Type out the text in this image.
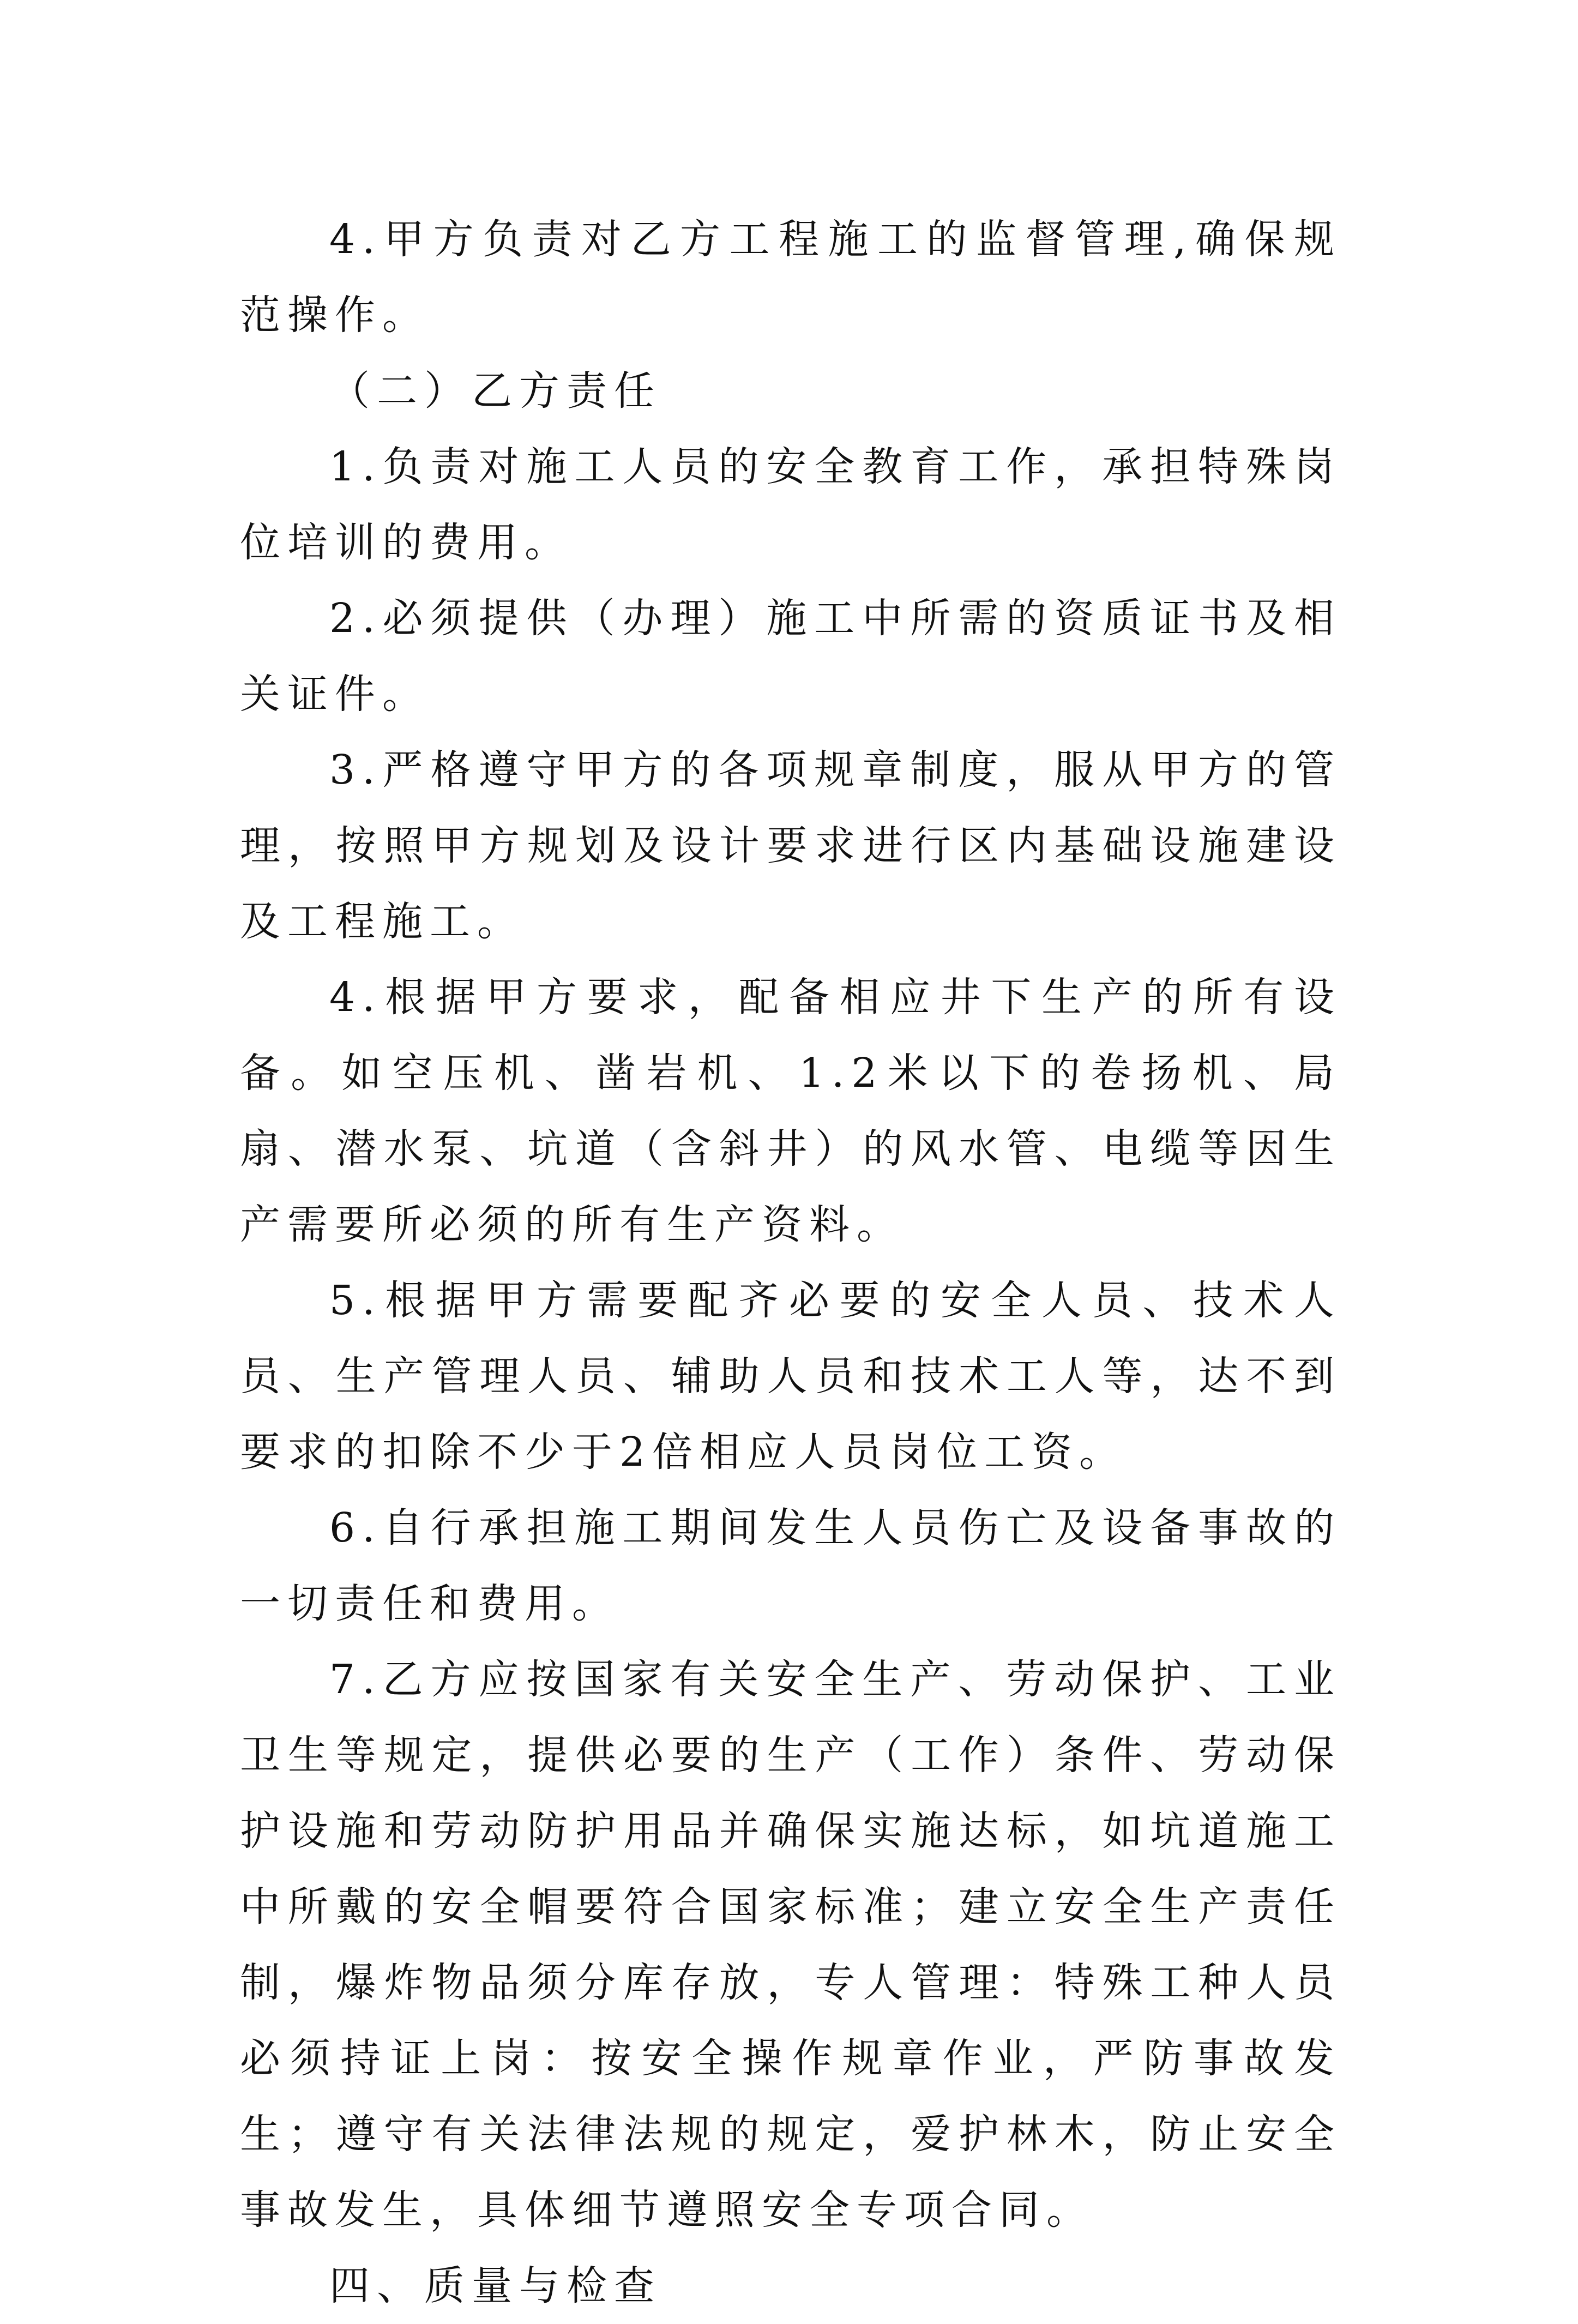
4.甲方负责对乙方工程施工的监督管理,确保规范操作。

（二）乙方责任

1.负责对施工人员的安全教育工作，承担特殊岗位培训的费用。

2.必须提供（办理）施工中所需的资质证书及相关证件。

3.严格遵守甲方的各项规章制度，服从甲方的管理，按照甲方规划及设计要求进行区内基础设施建设及工程施工。

4.根据甲方要求，配备相应井下生产的所有设备。如空压机、凿岩机、1.2米以下的卷扬机、局扇、潜水泵、坑道（含斜井）的风水管、电缆等因生产需要所必须的所有生产资料。

5.根据甲方需要配齐必要的安全人员、技术人员、生产管理人员、辅助人员和技术工人等，达不到要求的扣除不少于2倍相应人员岗位工资。

6.自行承担施工期间发生人员伤亡及设备事故的一切责任和费用。

7.乙方应按国家有关安全生产、劳动保护、工业卫生等规定，提供必要的生产（工作）条件、劳动保护设施和劳动防护用品并确保实施达标，如坑道施工中所戴的安全帽要符合国家标准；建立安全生产责任制，爆炸物品须分库存放，专人管理：特殊工种人员必须持证上岗：按安全操作规章作业，严防事故发生；遵守有关法律法规的规定，爱护林木，防止安全事故发生，具体细节遵照安全专项合同。

四、质量与检查
